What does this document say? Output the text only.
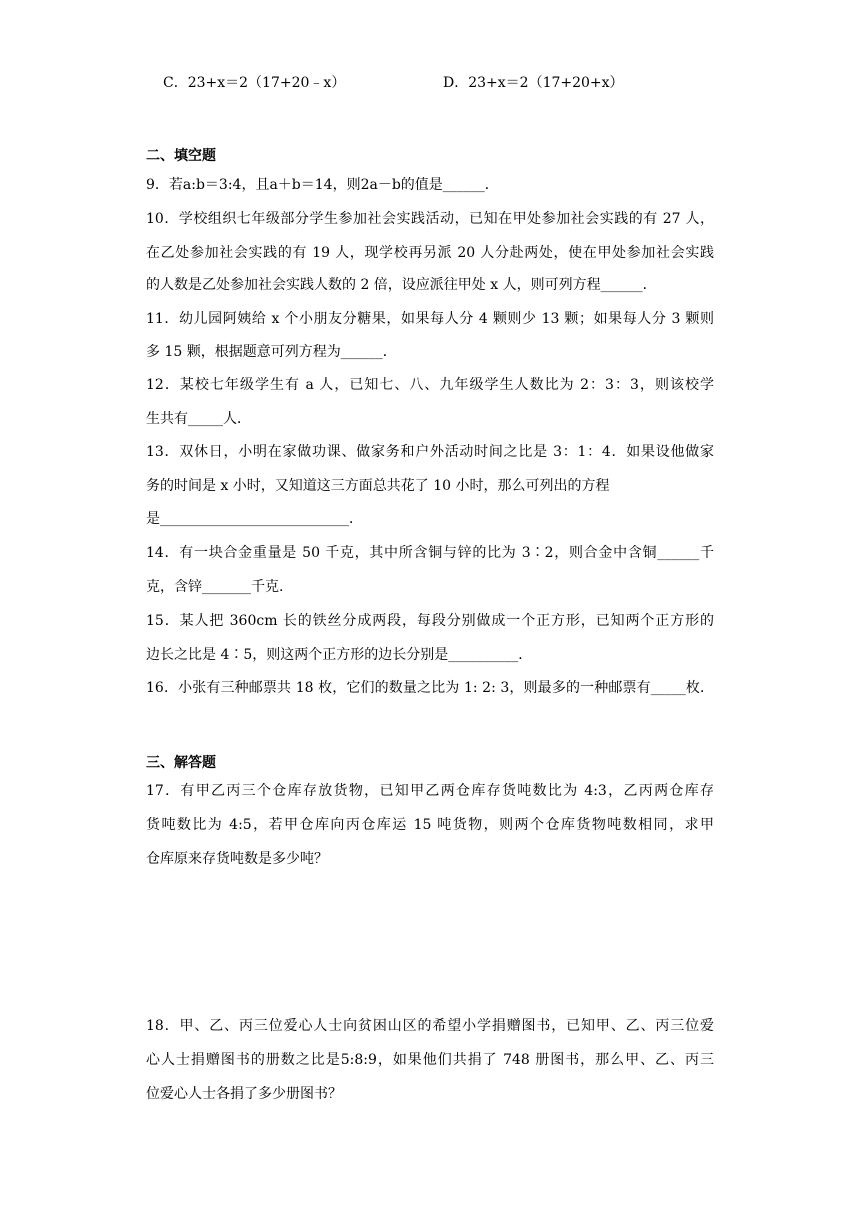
C．23+x＝2（17+20﹣x）	D．23+x＝2（17+20+x）
二、填空题
9．若a:b＝3:4，且a＋b＝14，则2a－b的值是______．
10．学校组织七年级部分学生参加社会实践活动，已知在甲处参加社会实践的有 27 人，
在乙处参加社会实践的有 19 人，现学校再另派 20 人分赴两处，使在甲处参加社会实践
的人数是乙处参加社会实践人数的 2 倍，设应派往甲处 x 人，则可列方程______．
11．幼儿园阿姨给 x 个小朋友分糖果，如果每人分 4 颗则少 13 颗；如果每人分 3 颗则
多 15 颗，根据题意可列方程为______．
12．某校七年级学生有 a 人，已知七、八、九年级学生人数比为 2：3：3，则该校学
生共有_____人．
13．双休日，小明在家做功课、做家务和户外活动时间之比是 3：1：4．如果设他做家
务的时间是 x 小时，又知道这三方面总共花了 10 小时，那么可列出的方程
是___________________________．
14．有一块合金重量是 50 千克，其中所含铜与锌的比为 3∶2，则合金中含铜______千
克，含锌_______千克.
15．某人把 360cm 长的铁丝分成两段，每段分别做成一个正方形，已知两个正方形的
边长之比是 4∶5，则这两个正方形的边长分别是__________．
16．小张有三种邮票共 18 枚，它们的数量之比为 1: 2: 3，则最多的一种邮票有_____枚．
三、解答题
17．有甲乙丙三个仓库存放货物，已知甲乙两仓库存货吨数比为 4:3，乙丙两仓库存
货吨数比为 4:5，若甲仓库向丙仓库运 15 吨货物，则两个仓库货物吨数相同，求甲
仓库原来存货吨数是多少吨？
18．甲、乙、丙三位爱心人士向贫困山区的希望小学捐赠图书，已知甲、乙、丙三位爱
心人士捐赠图书的册数之比是5:8:9，如果他们共捐了 748 册图书，那么甲、乙、丙三
位爱心人士各捐了多少册图书？
